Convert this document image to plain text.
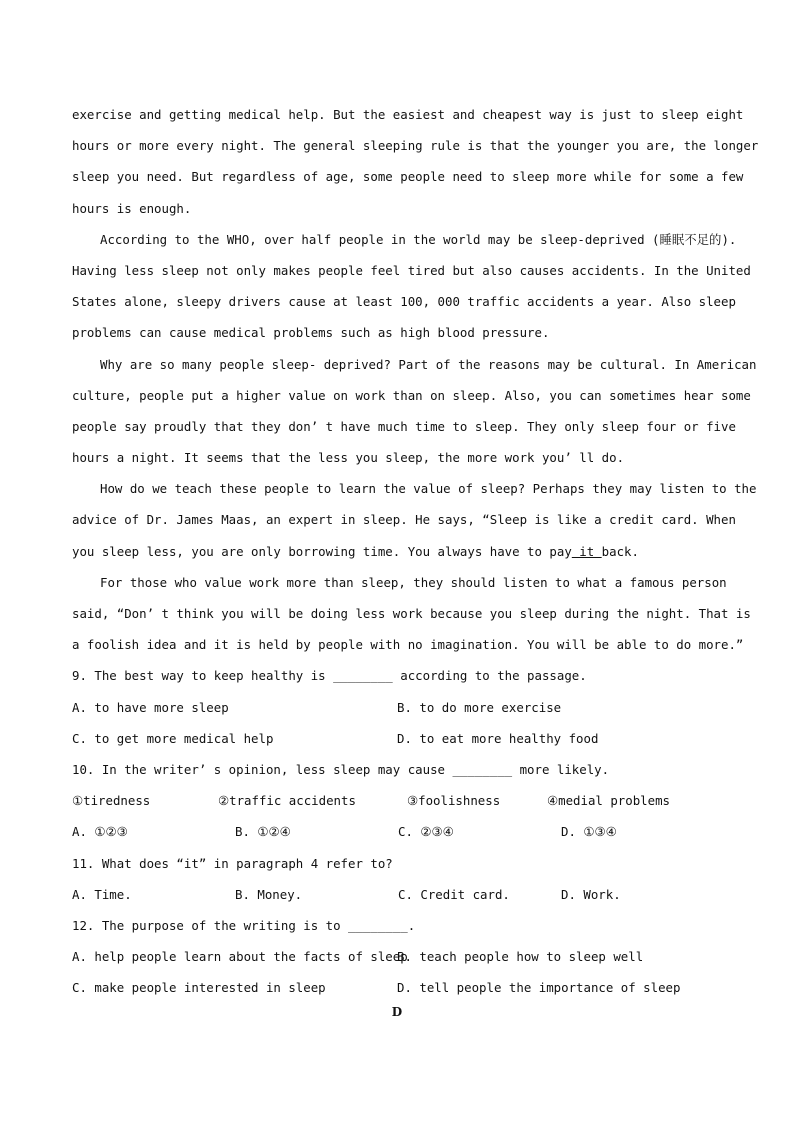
exercise and getting medical help. But the easiest and cheapest way is just to sleep eight
hours or more every night. The general sleeping rule is that the younger you are, the longer
sleep you need. But regardless of age, some people need to sleep more while for some a few
hours is enough.
According to the WHO, over half people in the world may be sleep-deprived (睡眠不足的).
Having less sleep not only makes people feel tired but also causes accidents. In the United
States alone, sleepy drivers cause at least 100, 000 traffic accidents a year. Also sleep
problems can cause medical problems such as high blood pressure.
Why are so many people sleep- deprived? Part of the reasons may be cultural. In American
culture, people put a higher value on work than on sleep. Also, you can sometimes hear some
people say proudly that they don’ t have much time to sleep. They only sleep four or five
hours a night. It seems that the less you sleep, the more work you’ ll do.
How do we teach these people to learn the value of sleep? Perhaps they may listen to the
advice of Dr. James Maas, an expert in sleep. He says, “Sleep is like a credit card. When
you sleep less, you are only borrowing time. You always have to pay it back.
For those who value work more than sleep, they should listen to what a famous person
said, “Don’ t think you will be doing less work because you sleep during the night. That is
a foolish idea and it is held by people with no imagination. You will be able to do more.”
9. The best way to keep healthy is ________ according to the passage.
A. to have more sleep	B. to do more exercise
C. to get more medical help	D. to eat more healthy food
10. In the writer’ s opinion, less sleep may cause ________ more likely.
①tiredness	②traffic accidents	③foolishness	④medial problems
A. ①②③	B. ①②④	C. ②③④	D. ①③④
11. What does “it” in paragraph 4 refer to?
A. Time.	B. Money.	C. Credit card.	D. Work.
12. The purpose of the writing is to ________.
A. help people learn about the facts of sleep
B. teach people how to sleep well
C. make people interested in sleep	D. tell people the importance of sleep
D
